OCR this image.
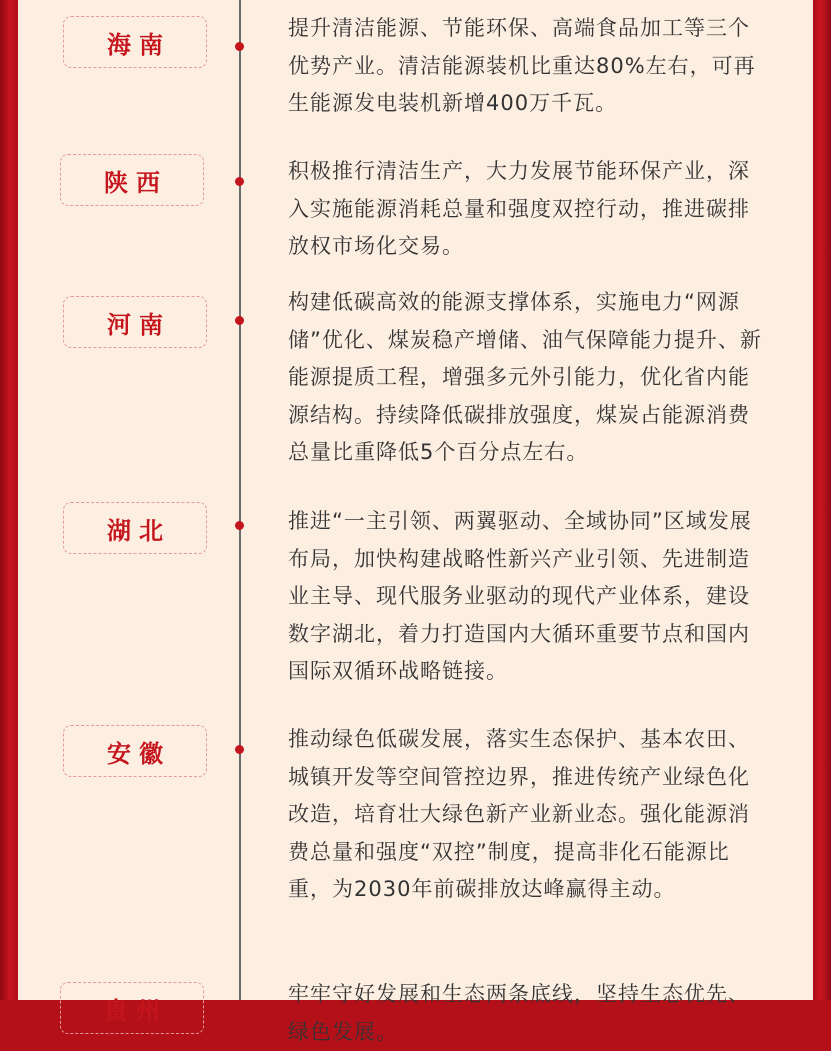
海南
提升清洁能源、节能环保、高端食品加工等三个优势产业。清洁能源装机比重达80%左右，可再生能源发电装机新增400万千瓦。
陕西	积极推行清洁生产，大力发展节能环保产业，深入实施能源消耗总量和强度双控行动，推进碳排放权市场化交易。
河南
构建低碳高效的能源支撑体系，实施电力“网源储”优化、煤炭稳产增储、油气保障能力提升、新能源提质工程，增强多元外引能力，优化省内能源结构。持续降低碳排放强度，煤炭占能源消费总量比重降低5个百分点左右。
湖北	推进“一主引领、两翼驱动、全域协同”区域发展布局，加快构建战略性新兴产业引领、先进制造业主导、现代服务业驱动的现代产业体系，建设数字湖北，着力打造国内大循环重要节点和国内国际双循环战略链接。
安徽
推动绿色低碳发展，落实生态保护、基本农田、城镇开发等空间管控边界，推进传统产业绿色化改造，培育壮大绿色新产业新业态。强化能源消费总量和强度“双控”制度，提高非化石能源比重，为2030年前碳排放达峰赢得主动。
贵州
牢牢守好发展和生态两条底线，坚持生态优先、绿色发展。
